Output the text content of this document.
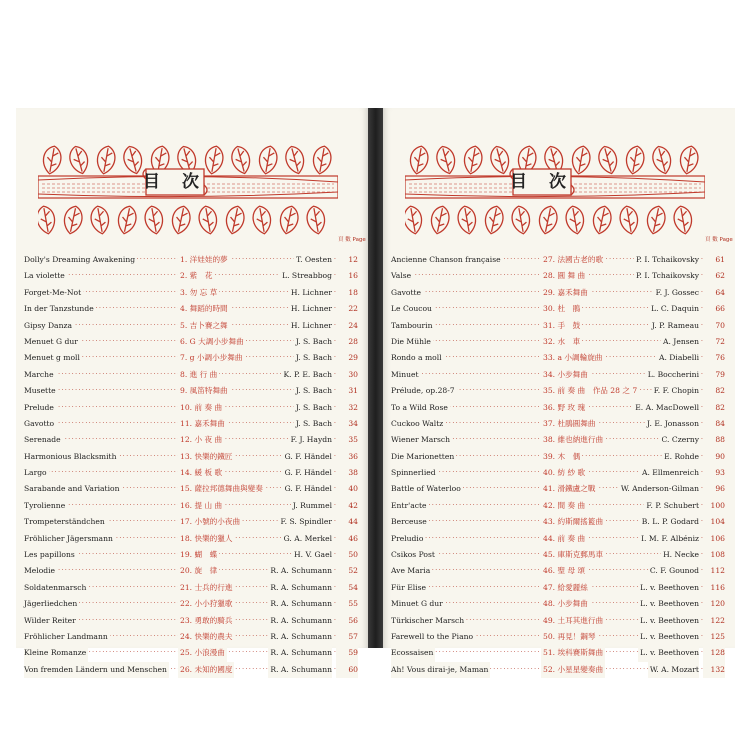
目 次
頁 數 Page
Dolly's Dreaming Awakening	1. 洋娃娃的夢	T. Oesten	12
La violette	2. 紫　花	L. Streabbog	16
Forget-Me-Not	3. 勿 忘 草	H. Lichner	18
In der Tanzstunde	4. 舞蹈的時間	H. Lichner	22
Gipsy Danza	5. 吉卜賽之舞	H. Lichner	24
Menuet G dur	6. G 大調小步舞曲	J. S. Bach	28
Menuet g moll	7. g 小調小步舞曲	J. S. Bach	29
Marche	8. 進 行 曲	K. P. E. Bach	30
Musette	9. 風笛特舞曲	J. S. Bach	31
Prelude	10. 前 奏 曲	J. S. Bach	32
Gavotto	11. 嘉禾舞曲	J. S. Bach	34
Serenade	12. 小 夜 曲	F. J. Haydn	35
Harmonious Blacksmith	13. 快樂的鐵匠	G. F. Händel	36
Largo	14. 緩 板 歌	G. F. Händel	38
Sarabande and Variation	15. 薩拉邦德舞曲與變奏	G. F. Händel	40
Tyrolienne	16. 提 山 曲	J. Rummel	42
Trompeterständchen	17. 小號的小夜曲	F. S. Spindler	44
Fröhlicher Jägersmann	18. 快樂的獵人	G. A. Merkel	46
Les papillons	19. 蝴　蝶	H. V. Gael	50
Melodie	20. 旋　律	R. A. Schumann	52
Soldatenmarsch	21. 士兵的行進	R. A. Schumann	54
Jägerliedchen	22. 小小狩獵歌	R. A. Schumann	55
Wilder Reiter	23. 勇敢的騎兵	R. A. Schumann	56
Fröhlicher Landmann	24. 快樂的農夫	R. A. Schumann	57
Kleine Romanze	25. 小浪漫曲	R. A. Schumann	59
Von fremden Ländern und Menschen 26. 未知的國度	R. A. Schumann	60
目 次
頁 數 Page
Ancienne Chanson française	27. 法國古老的歌	P. I. Tchaikovsky	61
Valse	28. 圓 舞 曲	P. I. Tchaikovsky	62
Gavotte	29. 嘉禾舞曲	F. J. Gossec	64
Le Coucou	30. 杜　鵑	L. C. Daquin	66
Tambourin	31. 手　鼓	J. P. Rameau	70
Die Mühle	32. 水　車	A. Jensen	72
Rondo a moll	33. a 小調輪旋曲	A. Diabelli	76
Minuet	34. 小步舞曲	L. Boccherini	79
Prélude, op.28-7	35. 前 奏 曲　作品 28 之 7 F. F. Chopin	82
To a Wild Rose	36. 野 玫 瑰	E. A. MacDowell	82
Cuckoo Waltz	37. 杜鵑圓舞曲	J. E. Jonasson	84
Wiener Marsch	38. 維也納進行曲	C. Czerny	88
Die Marionetten	39. 木　偶	E. Rohde	90
Spinnerlied	40. 紡 紗 歌	A. Ellmenreich	93
Battle of Waterloo	41. 滑鐵盧之戰	W. Anderson-Gilman	96
Entr'acte	42. 間 奏 曲	F. P. Schubert	100
Berceuse	43. 約斯爾搖籃曲	B. L. P. Godard	104
Preludio	44. 前 奏 曲	I. M. F. Albéniz	106
Csikos Post	45. 庫斯克郵馬車	H. Necke	108
Ave Maria	46. 聖 母 頌	C. F. Gounod	112
Für Elise	47. 給愛麗絲	L. v. Beethoven	116
Minuet G dur	48. 小步舞曲	L. v. Beethoven	120
Türkischer Marsch	49. 土耳其進行曲	L. v. Beethoven	122
Farewell to the Piano	50. 再見！鋼琴	L. v. Beethoven	125
Ecossaisen	51. 埃科賽斯舞曲	L. v. Beethoven	128
Ah! Vous dirai-je, Maman	52. 小星星變奏曲	W. A. Mozart	132
